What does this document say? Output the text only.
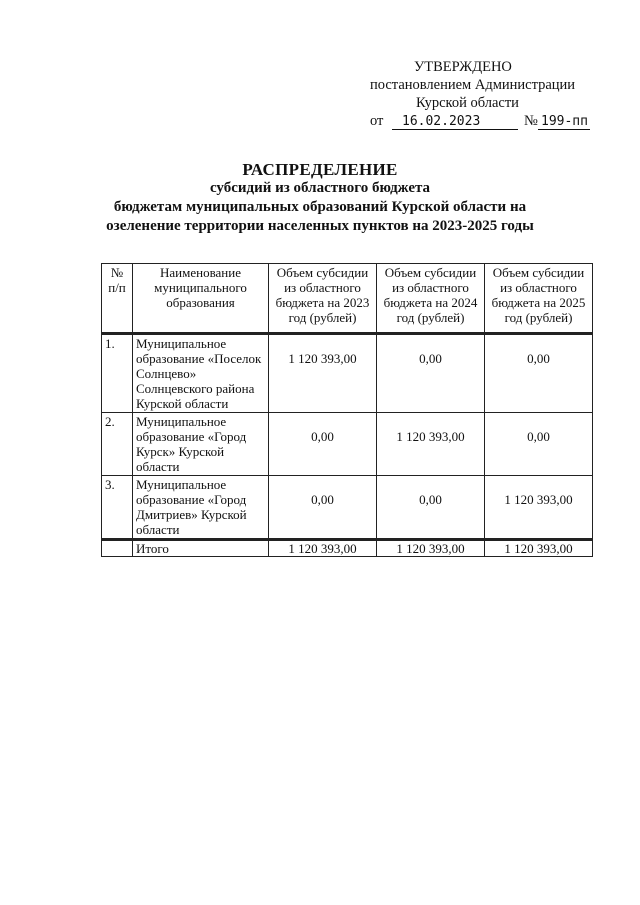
УТВЕРЖДЕНО
постановлением Администрации
Курской области
от 16.02.2023	№ 199-пп
РАСПРЕДЕЛЕНИЕ
субсидий из областного бюджета
бюджетам муниципальных образований Курской области на
озеленение территории населенных пунктов на 2023-2025 годы
№ п/п	Наименование муниципального образования	Объем субсидии из областного бюджета на 2023 год (рублей)	Объем субсидии из областного бюджета на 2024 год (рублей)	Объем субсидии из областного бюджета на 2025 год (рублей)
1.	Муниципальное образование «Поселок Солнцево» Солнцевского района Курской области	1 120 393,00	0,00	0,00
2.	Муниципальное образование «Город Курск» Курской области	0,00	1 120 393,00	0,00
3.	Муниципальное образование «Город Дмитриев» Курской области	0,00	0,00	1 120 393,00
	Итого	1 120 393,00	1 120 393,00	1 120 393,00
